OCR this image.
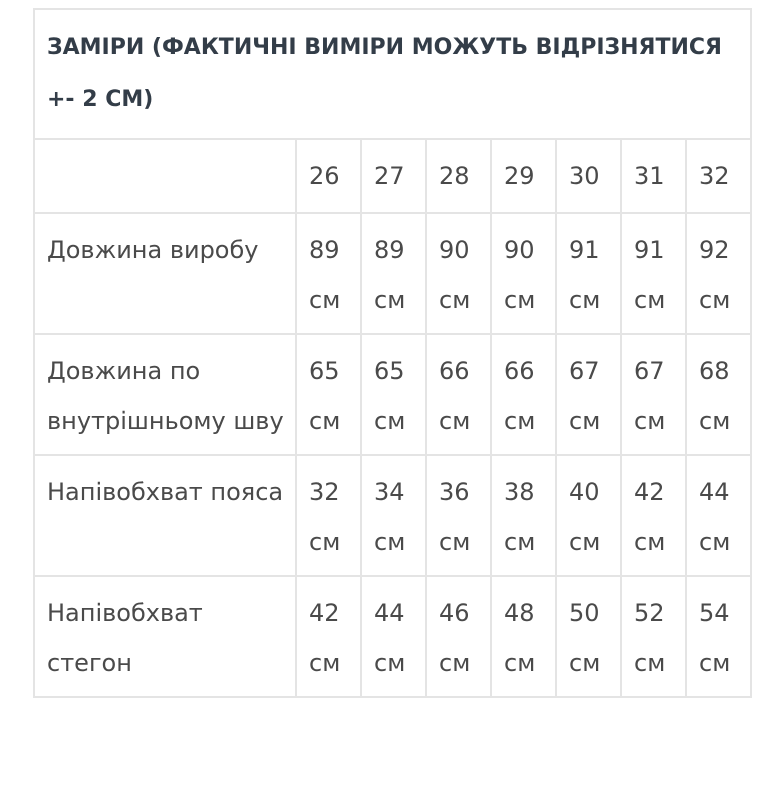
ЗАМІРИ (ФАКТИЧНІ ВИМІРИ МОЖУТЬ ВІДРІЗНЯТИСЯ +- 2 СМ)							
	26	27	28	29	30	31	32
Довжина виробу	89 см	89 см	90 см	90 см	91 см	91 см	92 см
Довжина по внутрішньому шву	65 см	65 см	66 см	66 см	67 см	67 см	68 см
Напівобхват пояса	32 см	34 см	36 см	38 см	40 см	42 см	44 см
Напівобхват стегон	42 см	44 см	46 см	48 см	50 см	52 см	54 см
